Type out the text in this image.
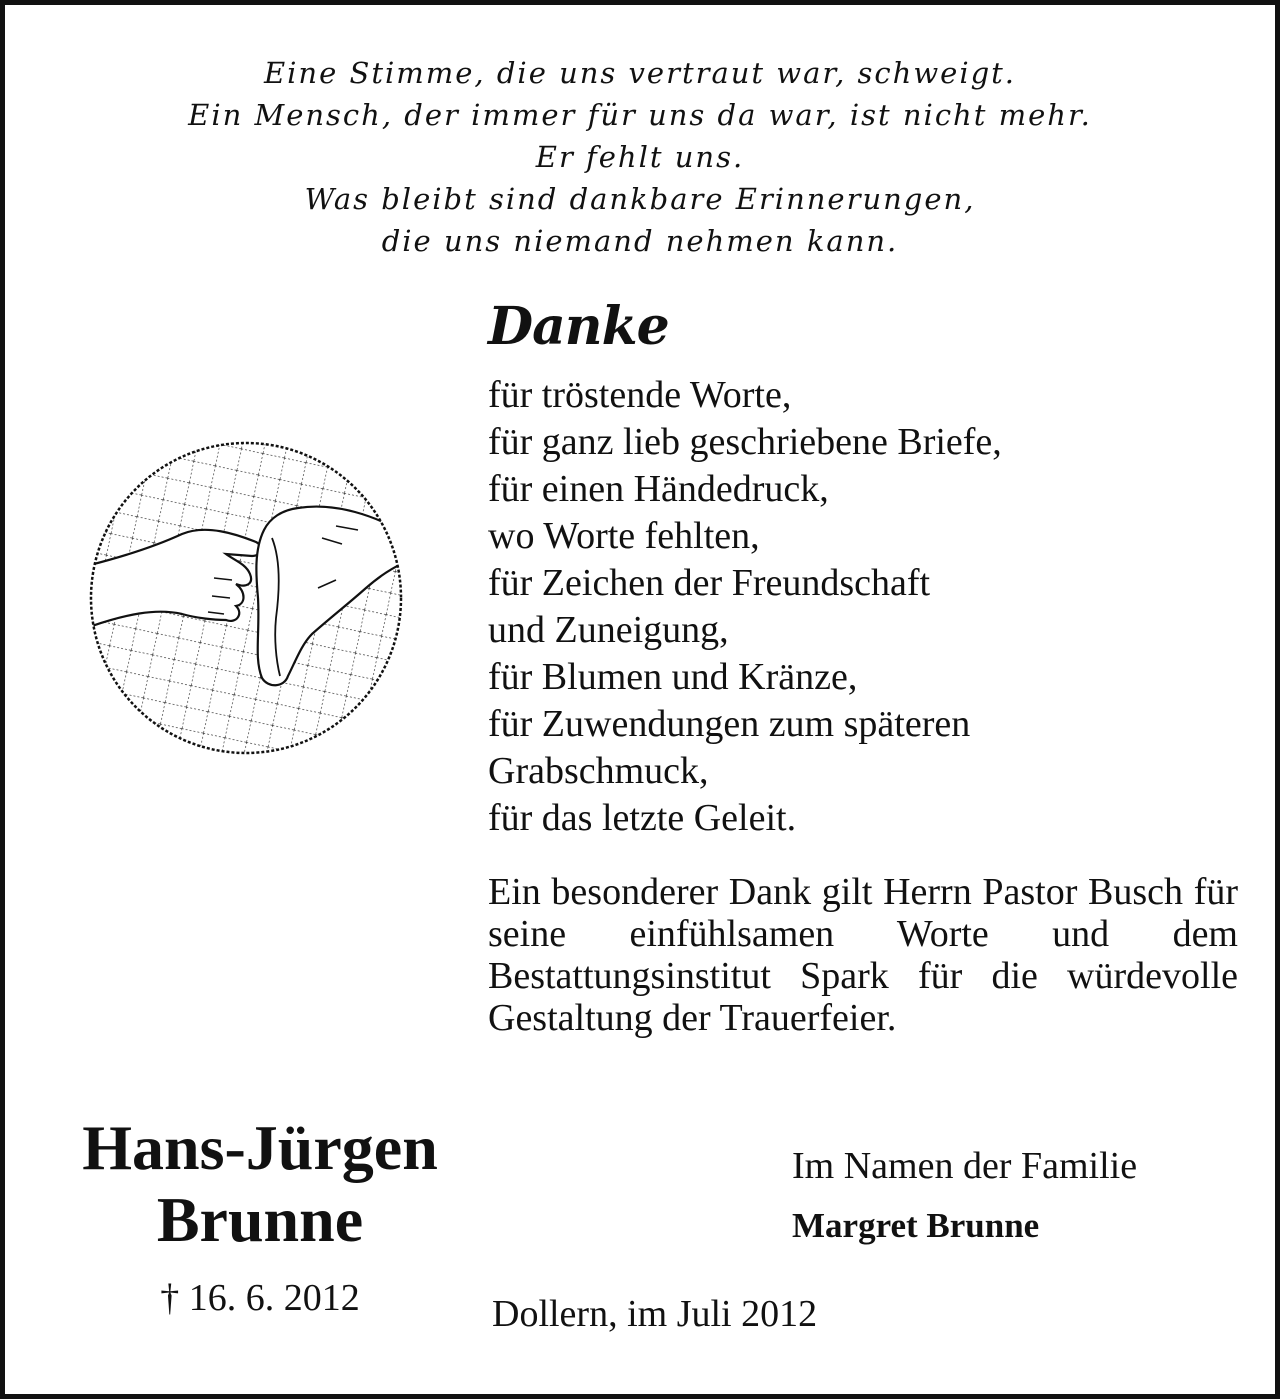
Eine Stimme, die uns vertraut war, schweigt.
Ein Mensch, der immer für uns da war, ist nicht mehr.
Er fehlt uns.
Was bleibt sind dankbare Erinnerungen,
die uns niemand nehmen kann.
Danke
für tröstende Worte,
für ganz lieb geschriebene Briefe,
für einen Händedruck,
wo Worte fehlten,
für Zeichen der Freundschaft
und Zuneigung,
für Blumen und Kränze,
für Zuwendungen zum späteren
Grabschmuck,
für das letzte Geleit.
Ein besonderer Dank gilt Herrn Pastor Busch für seine einfühlsamen Worte und dem Bestattungsinstitut Spark für die würdevolle Gestaltung der Trauerfeier.
Hans-Jürgen
Brunne
† 16. 6. 2012
Im Namen der Familie
Margret Brunne
Dollern, im Juli 2012
